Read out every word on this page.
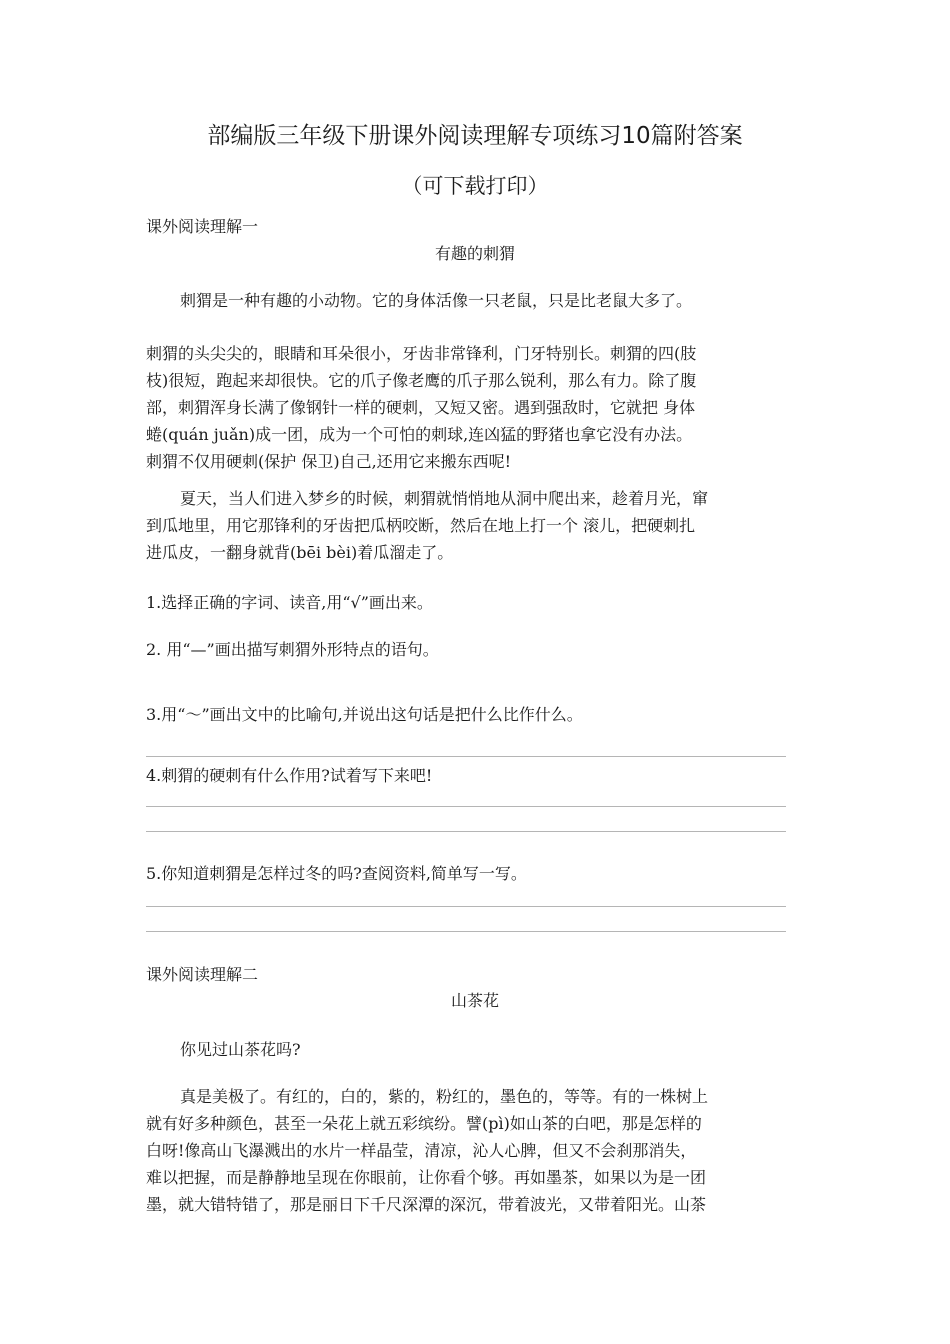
部编版三年级下册课外阅读理解专项练习10篇附答案
（可下载打印）
课外阅读理解一
有趣的刺猬
刺猬是一种有趣的小动物。它的身体活像一只老鼠，只是比老鼠大多了。
刺猬的头尖尖的，眼睛和耳朵很小，牙齿非常锋利，门牙特别长。刺猬的四(肢
枝)很短，跑起来却很快。它的爪子像老鹰的爪子那么锐利，那么有力。除了腹
部，刺猬浑身长满了像钢针一样的硬刺，又短又密。遇到强敌时，它就把 身体
蜷(quán juǎn)成一团，成为一个可怕的刺球,连凶猛的野猪也拿它没有办法。
刺猬不仅用硬刺(保护 保卫)自己,还用它来搬东西呢!
夏天，当人们进入梦乡的时候，刺猬就悄悄地从洞中爬出来，趁着月光，窜
到瓜地里，用它那锋利的牙齿把瓜柄咬断，然后在地上打一个 滚儿，把硬刺扎
进瓜皮，一翻身就背(bēi bèi)着瓜溜走了。
1.选择正确的字词、读音,用“√”画出来。
2. 用“—”画出描写刺猬外形特点的语句。
3.用“～”画出文中的比喻句,并说出这句话是把什么比作什么。
4.刺猬的硬刺有什么作用?试着写下来吧!
5.你知道刺猬是怎样过冬的吗?查阅资料,简单写一写。
课外阅读理解二
山茶花
你见过山茶花吗?
真是美极了。有红的，白的，紫的，粉红的，墨色的，等等。有的一株树上
就有好多种颜色，甚至一朵花上就五彩缤纷。譬(pì)如山茶的白吧，那是怎样的
白呀!像高山飞瀑溅出的水片一样晶莹，清凉，沁人心脾，但又不会刹那消失，
难以把握，而是静静地呈现在你眼前，让你看个够。再如墨茶，如果以为是一团
墨，就大错特错了，那是丽日下千尺深潭的深沉，带着波光，又带着阳光。山茶
